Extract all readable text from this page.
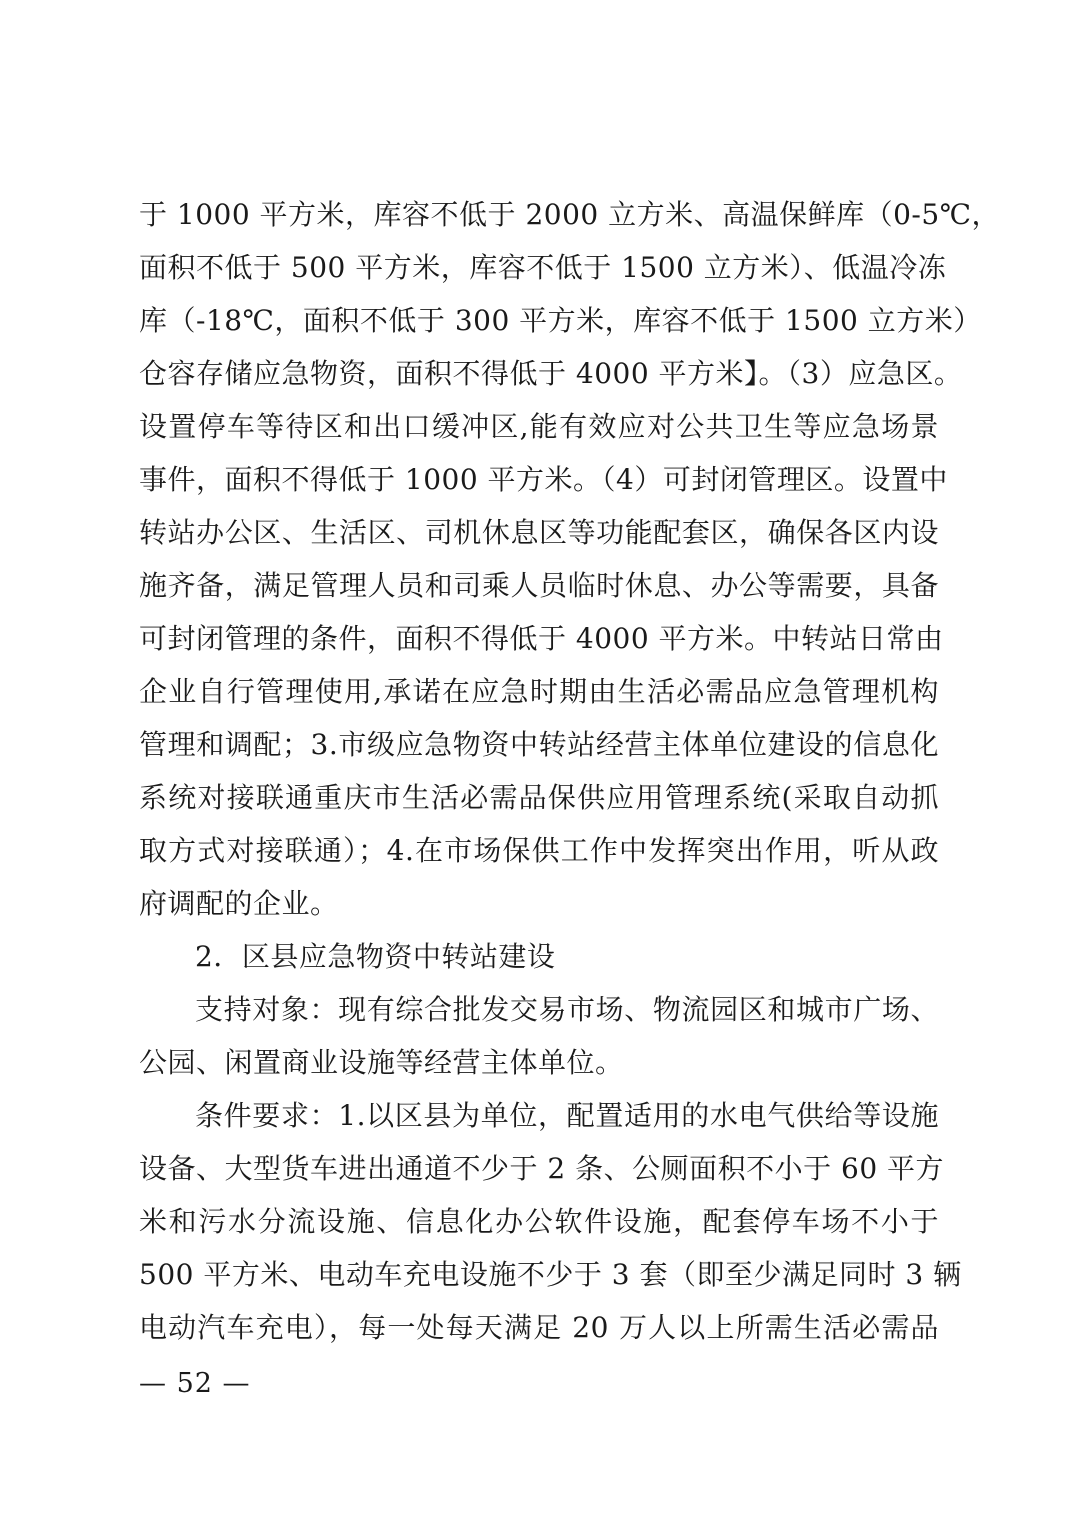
于 1000 平方米，库容不低于 2000 立方米、高温保鲜库（0-5℃，
面积不低于 500 平方米，库容不低于 1500 立方米）、低温冷冻
库（-18℃，面积不低于 300 平方米，库容不低于 1500 立方米）
仓容存储应急物资，面积不得低于 4000 平方米】。（3）应急区。
设置停车等待区和出口缓冲区,能有效应对公共卫生等应急场景
事件，面积不得低于 1000 平方米。（4）可封闭管理区。设置中
转站办公区、生活区、司机休息区等功能配套区，确保各区内设
施齐备，满足管理人员和司乘人员临时休息、办公等需要，具备
可封闭管理的条件，面积不得低于 4000 平方米。中转站日常由
企业自行管理使用,承诺在应急时期由生活必需品应急管理机构
管理和调配；3.市级应急物资中转站经营主体单位建设的信息化
系统对接联通重庆市生活必需品保供应用管理系统(采取自动抓
取方式对接联通）；4.在市场保供工作中发挥突出作用，听从政
府调配的企业。
2．区县应急物资中转站建设
支持对象：现有综合批发交易市场、物流园区和城市广场、
公园、闲置商业设施等经营主体单位。
条件要求：1.以区县为单位，配置适用的水电气供给等设施
设备、大型货车进出通道不少于 2 条、公厕面积不小于 60 平方
米和污水分流设施、信息化办公软件设施，配套停车场不小于
500 平方米、电动车充电设施不少于 3 套（即至少满足同时 3 辆
电动汽车充电），每一处每天满足 20 万人以上所需生活必需品
— 52 —
